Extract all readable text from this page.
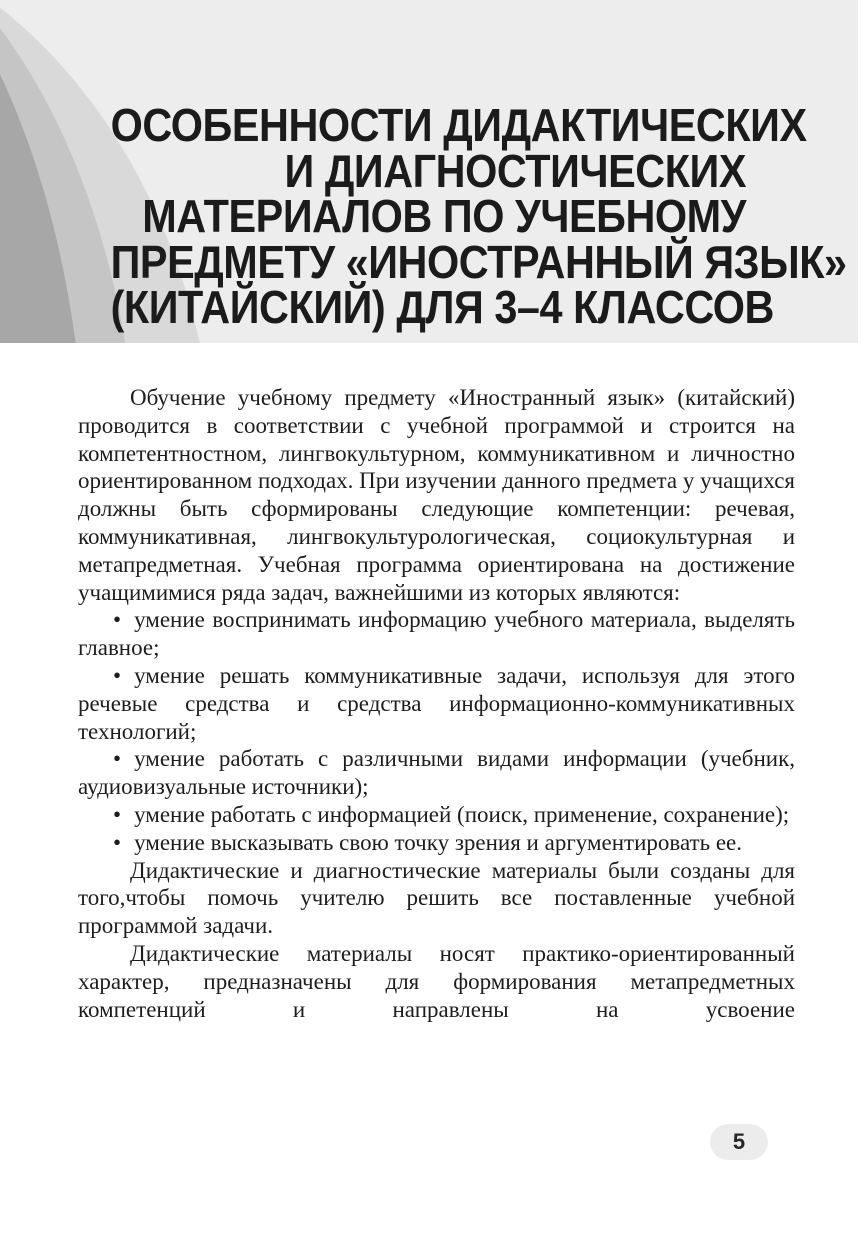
ОСОБЕННОСТИ ДИДАКТИЧЕСКИХ
И ДИАГНОСТИЧЕСКИХ
МАТЕРИАЛОВ ПО УЧЕБНОМУ
ПРЕДМЕТУ «ИНОСТРАННЫЙ ЯЗЫК»
(КИТАЙСКИЙ) ДЛЯ 3–4 КЛАССОВ

Обучение учебному предмету «Иностранный язык» (китайский) проводится в соответствии с учебной программой и строится на компетентностном, лингвокультурном, коммуникативном и личностно ориентированном подходах. При изучении данного предмета у учащихся должны быть сформированы следующие компетенции: речевая, коммуникативная, лингвокультурологическая, социокультурная и метапредметная. Учебная программа ориентирована на достижение учащимимися ряда задач, важнейшими из которых являются:

• умение воспринимать информацию учебного материала, выделять главное;

• умение решать коммуникативные задачи, используя для этого речевые средства и средства информационно-коммуникативных технологий;

• умение работать с различными видами информации (учебник, аудиовизуальные источники);

• умение работать с информацией (поиск, применение, сохранение);

• умение высказывать свою точку зрения и аргументировать ее.

Дидактические и диагностические материалы были созданы для того,чтобы помочь учителю решить все поставленные учебной программой задачи.

Дидактические материалы носят практико-ориентированный характер, предназначены для формирования метапредметных компетенций и направлены на усвоение

5
